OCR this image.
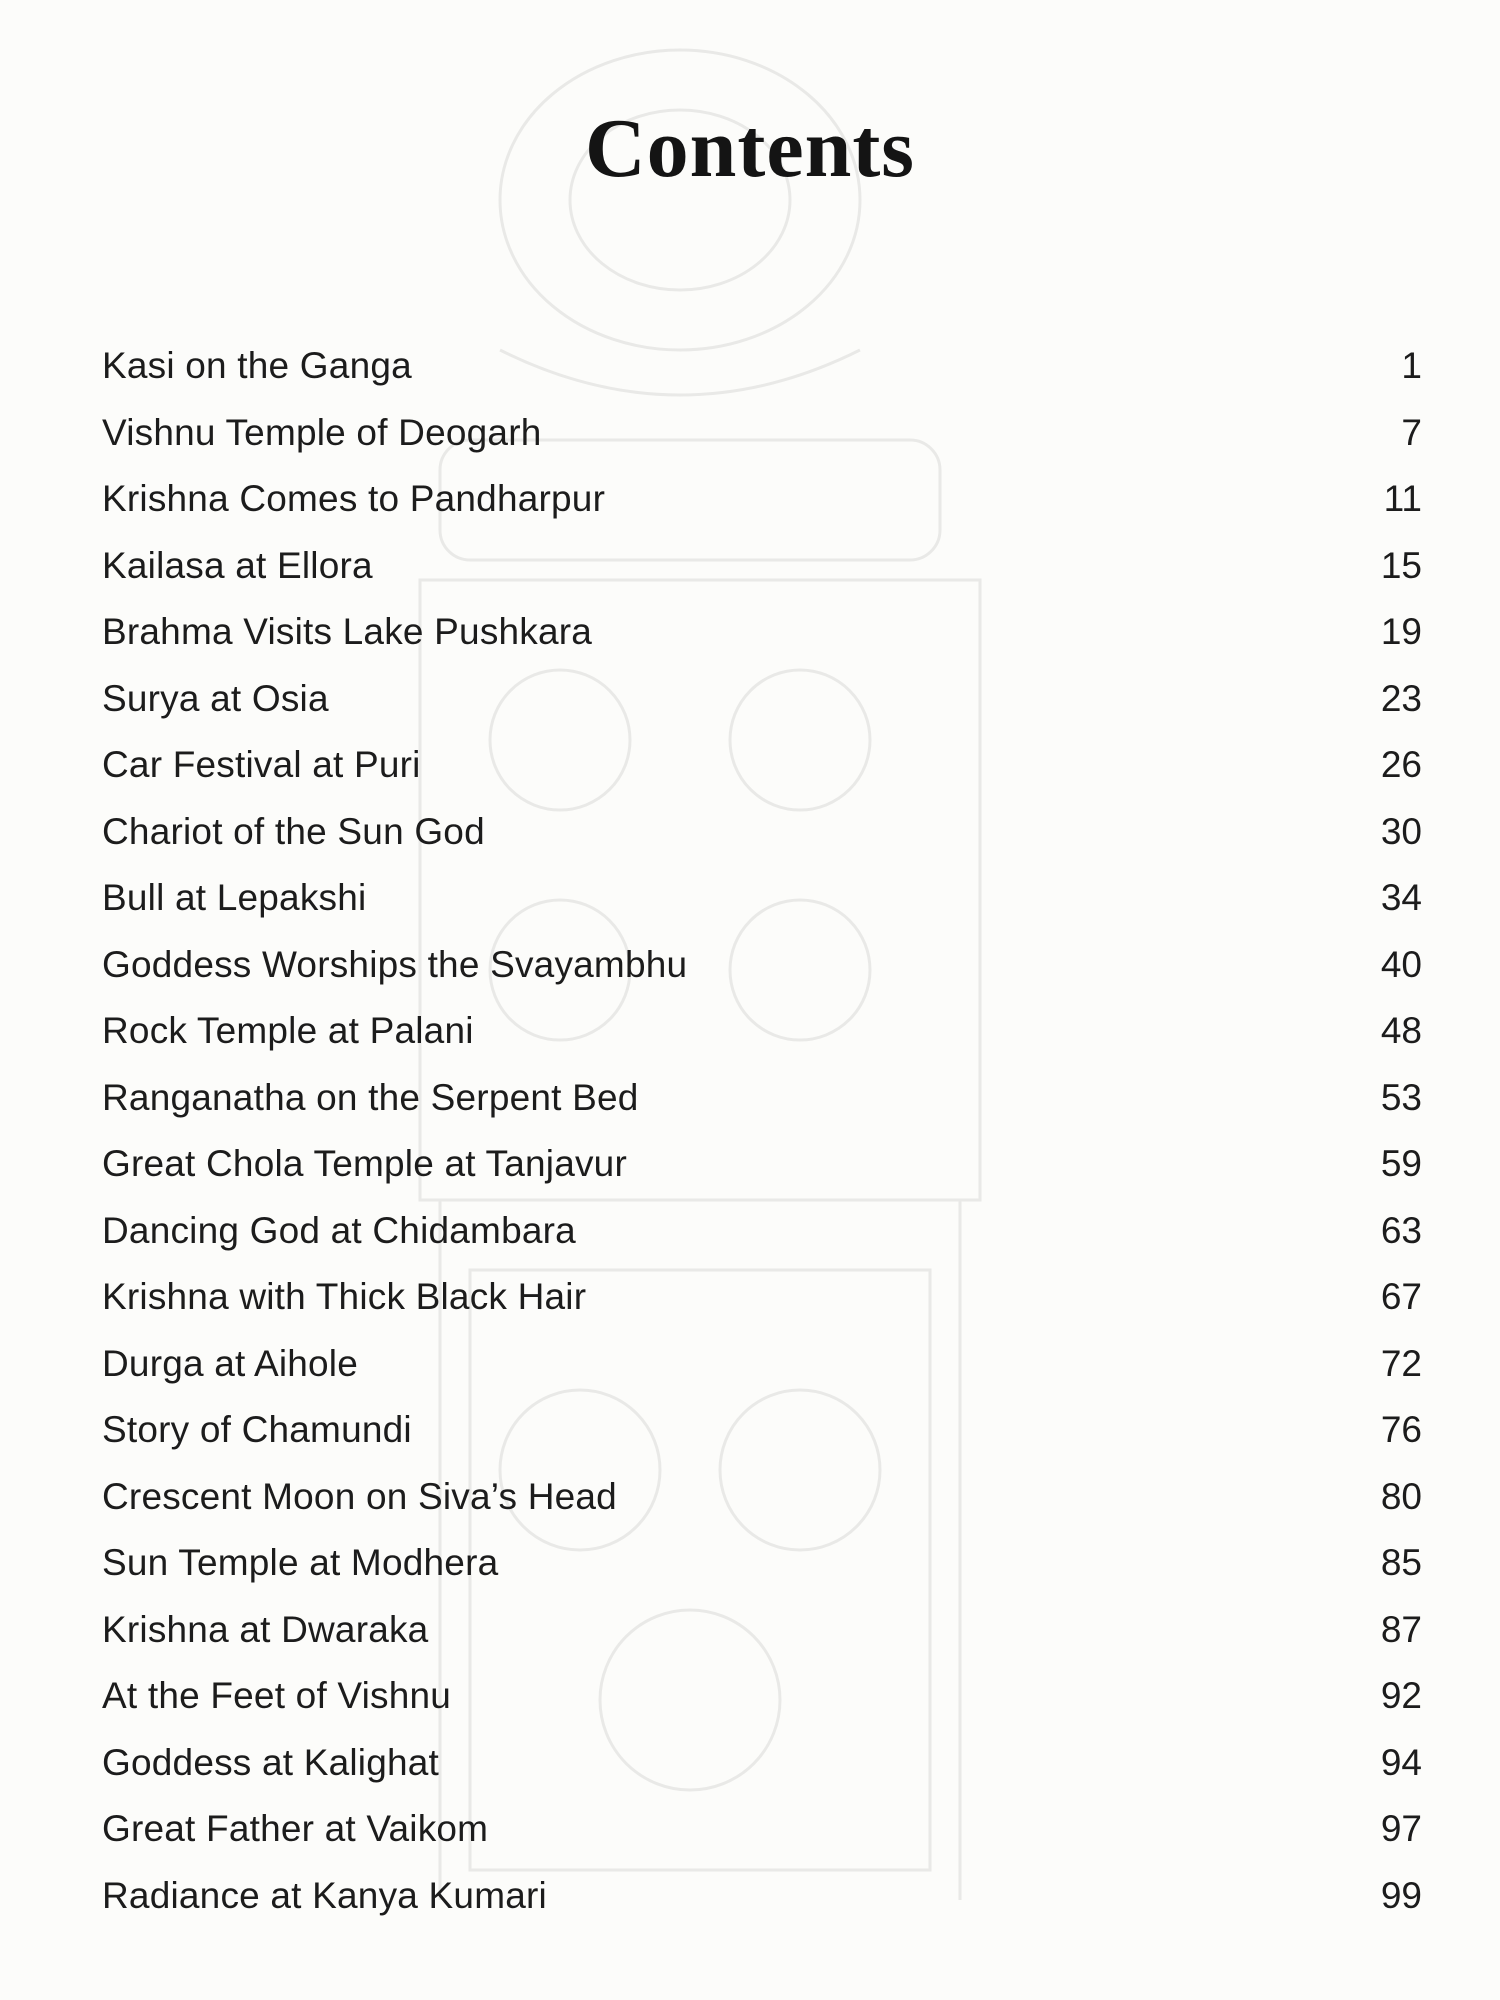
Contents
Kasi on the Ganga	1
Vishnu Temple of Deogarh	7
Krishna Comes to Pandharpur	11
Kailasa at Ellora	15
Brahma Visits Lake Pushkara	19
Surya at Osia	23
Car Festival at Puri	26
Chariot of the Sun God	30
Bull at Lepakshi	34
Goddess Worships the Svayambhu	40
Rock Temple at Palani	48
Ranganatha on the Serpent Bed	53
Great Chola Temple at Tanjavur	59
Dancing God at Chidambara	63
Krishna with Thick Black Hair	67
Durga at Aihole	72
Story of Chamundi	76
Crescent Moon on Siva’s Head	80
Sun Temple at Modhera	85
Krishna at Dwaraka	87
At the Feet of Vishnu	92
Goddess at Kalighat	94
Great Father at Vaikom	97
Radiance at Kanya Kumari	99
